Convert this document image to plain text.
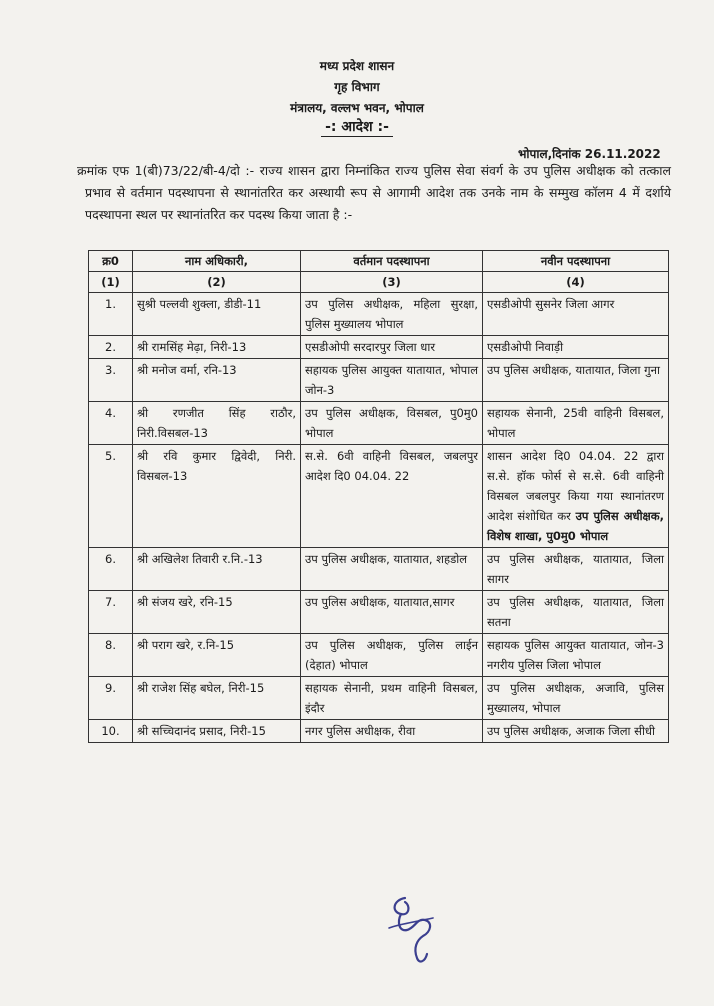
मध्य प्रदेश शासन
गृह विभाग
मंत्रालय, वल्लभ भवन, भोपाल
-: आदेश :-
भोपाल,दिनांक 26.11.2022
क्रमांक एफ 1(बी)73/22/बी-4/दो :- राज्य शासन द्वारा निम्नांकित राज्य पुलिस सेवा संवर्ग के उप पुलिस अधीक्षक को तत्काल प्रभाव से वर्तमान पदस्थापना से स्थानांतरित कर अस्थायी रूप से आगामी आदेश तक उनके नाम के सम्मुख कॉलम 4 में दर्शाये पदस्थापना स्थल पर स्थानांतरित कर पदस्थ किया जाता है :-
क्र0	नाम अधिकारी,	वर्तमान पदस्थापना	नवीन पदस्थापना
(1)	(2)	(3)	(4)
1.	सुश्री पल्लवी शुक्ला, डीडी-11	उप पुलिस अधीक्षक, महिला सुरक्षा, पुलिस मुख्यालय भोपाल	एसडीओपी सुसनेर जिला आगर
2.	श्री रामसिंह मेढ़ा, निरी-13	एसडीओपी सरदारपुर जिला धार	एसडीओपी निवाड़ी
3.	श्री मनोज वर्मा, रनि-13	सहायक पुलिस आयुक्त यातायात, भोपाल जोन-3	उप पुलिस अधीक्षक, यातायात, जिला गुना
4.	श्री रणजीत सिंह राठौर, निरी.विसबल-13	उप पुलिस अधीक्षक, विसबल, पु0मु0 भोपाल	सहायक सेनानी, 25वी वाहिनी विसबल, भोपाल
5.	श्री रवि कुमार द्विवेदी, निरी. विसबल-13	स.से. 6वी वाहिनी विसबल, जबलपुर आदेश दि0 04.04. 22	शासन आदेश दि0 04.04. 22 द्वारा स.से. हॉक फोर्स से स.से. 6वी वाहिनी विसबल जबलपुर किया गया स्थानांतरण आदेश संशोधित कर उप पुलिस अधीक्षक, विशेष शाखा, पु0मु0 भोपाल
6.	श्री अखिलेश तिवारी र.नि.-13	उप पुलिस अधीक्षक, यातायात, शहडोल	उप पुलिस अधीक्षक, यातायात, जिला सागर
7.	श्री संजय खरे, रनि-15	उप पुलिस अधीक्षक, यातायात,सागर	उप पुलिस अधीक्षक, यातायात, जिला सतना
8.	श्री पराग खरे, र.नि-15	उप पुलिस अधीक्षक, पुलिस लाईन (देहात) भोपाल	सहायक पुलिस आयुक्त यातायात, जोन-3 नगरीय पुलिस जिला भोपाल
9.	श्री राजेश सिंह बघेल, निरी-15	सहायक सेनानी, प्रथम वाहिनी विसबल, इंदौर	उप पुलिस अधीक्षक, अजावि, पुलिस मुख्यालय, भोपाल
10.	श्री सच्चिदानंद प्रसाद, निरी-15	नगर पुलिस अधीक्षक, रीवा	उप पुलिस अधीक्षक, अजाक जिला सीधी
